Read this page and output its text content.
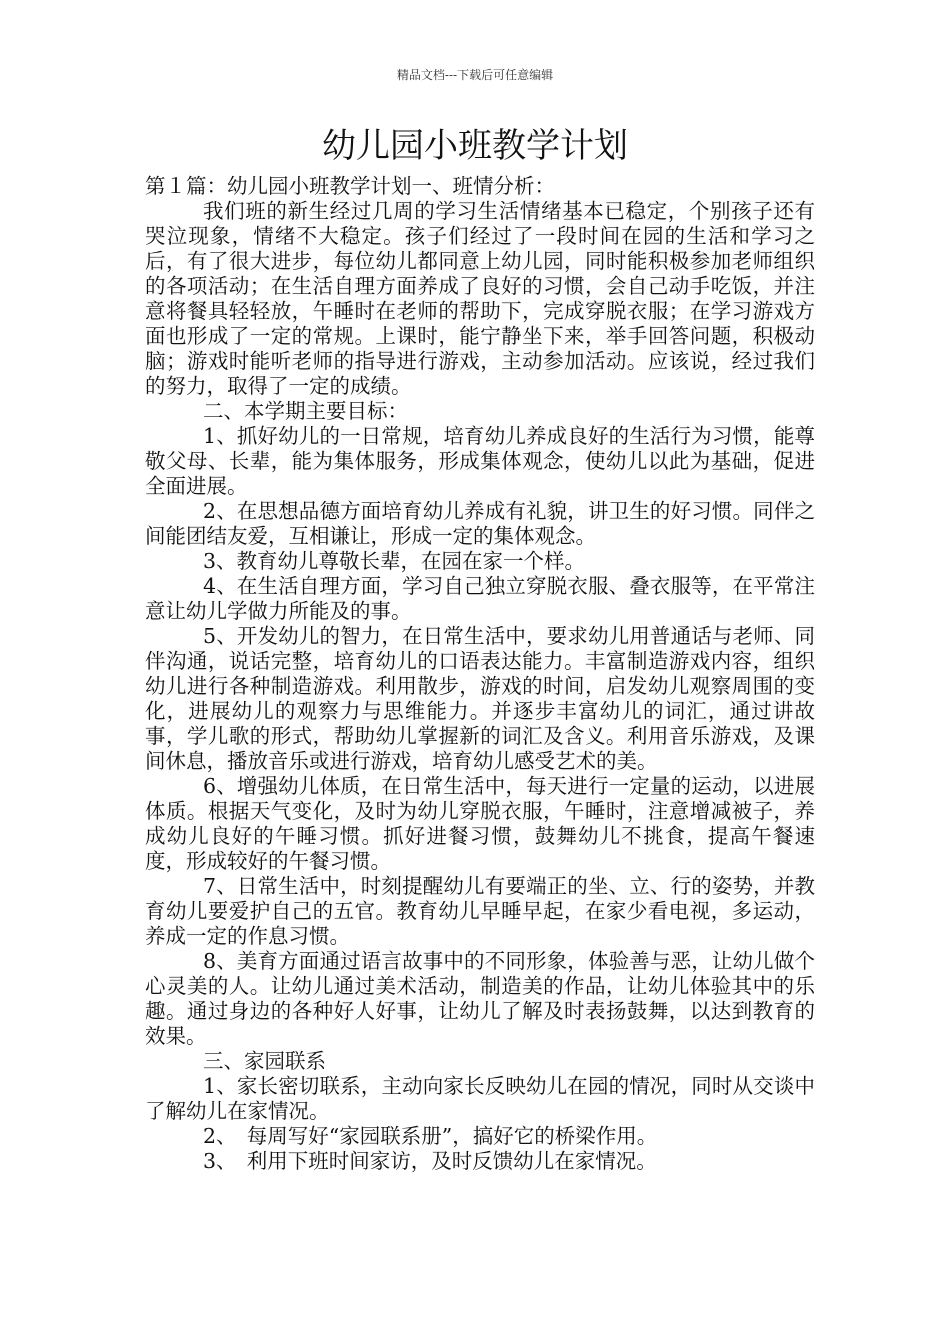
精品文档---下载后可任意编辑
幼儿园小班教学计划

第１篇：幼儿园小班教学计划一、班情分析：

我们班的新生经过几周的学习生活情绪基本已稳定，个别孩子还有哭泣现象，情绪不大稳定。孩子们经过了一段时间在园的生活和学习之后，有了很大进步，每位幼儿都同意上幼儿园，同时能积极参加老师组织的各项活动；在生活自理方面养成了良好的习惯，会自己动手吃饭，并注意将餐具轻轻放，午睡时在老师的帮助下，完成穿脱衣服；在学习游戏方面也形成了一定的常规。上课时，能宁静坐下来，举手回答问题，积极动脑；游戏时能听老师的指导进行游戏，主动参加活动。应该说，经过我们的努力，取得了一定的成绩。

二、本学期主要目标：

1、抓好幼儿的一日常规，培育幼儿养成良好的生活行为习惯，能尊敬父母、长辈，能为集体服务，形成集体观念，使幼儿以此为基础，促进全面进展。

2、在思想品德方面培育幼儿养成有礼貌，讲卫生的好习惯。同伴之间能团结友爱，互相谦让，形成一定的集体观念。

3、教育幼儿尊敬长辈，在园在家一个样。

4、在生活自理方面，学习自己独立穿脱衣服、叠衣服等，在平常注意让幼儿学做力所能及的事。

5、开发幼儿的智力，在日常生活中，要求幼儿用普通话与老师、同伴沟通，说话完整，培育幼儿的口语表达能力。丰富制造游戏内容，组织幼儿进行各种制造游戏。利用散步，游戏的时间，启发幼儿观察周围的变化，进展幼儿的观察力与思维能力。并逐步丰富幼儿的词汇，通过讲故事，学儿歌的形式，帮助幼儿掌握新的词汇及含义。利用音乐游戏，及课间休息，播放音乐或进行游戏，培育幼儿感受艺术的美。

6、增强幼儿体质，在日常生活中，每天进行一定量的运动，以进展体质。根据天气变化，及时为幼儿穿脱衣服，午睡时，注意增减被子，养成幼儿良好的午睡习惯。抓好进餐习惯，鼓舞幼儿不挑食，提高午餐速度，形成较好的午餐习惯。

7、日常生活中，时刻提醒幼儿有要端正的坐、立、行的姿势，并教育幼儿要爱护自己的五官。教育幼儿早睡早起，在家少看电视，多运动，养成一定的作息习惯。

8、美育方面通过语言故事中的不同形象，体验善与恶，让幼儿做个心灵美的人。让幼儿通过美术活动，制造美的作品，让幼儿体验其中的乐趣。通过身边的各种好人好事，让幼儿了解及时表扬鼓舞，以达到教育的效果。

三、家园联系

1、家长密切联系，主动向家长反映幼儿在园的情况，同时从交谈中了解幼儿在家情况。

2、　每周写好“家园联系册”，搞好它的桥梁作用。

3、　利用下班时间家访，及时反馈幼儿在家情况。
